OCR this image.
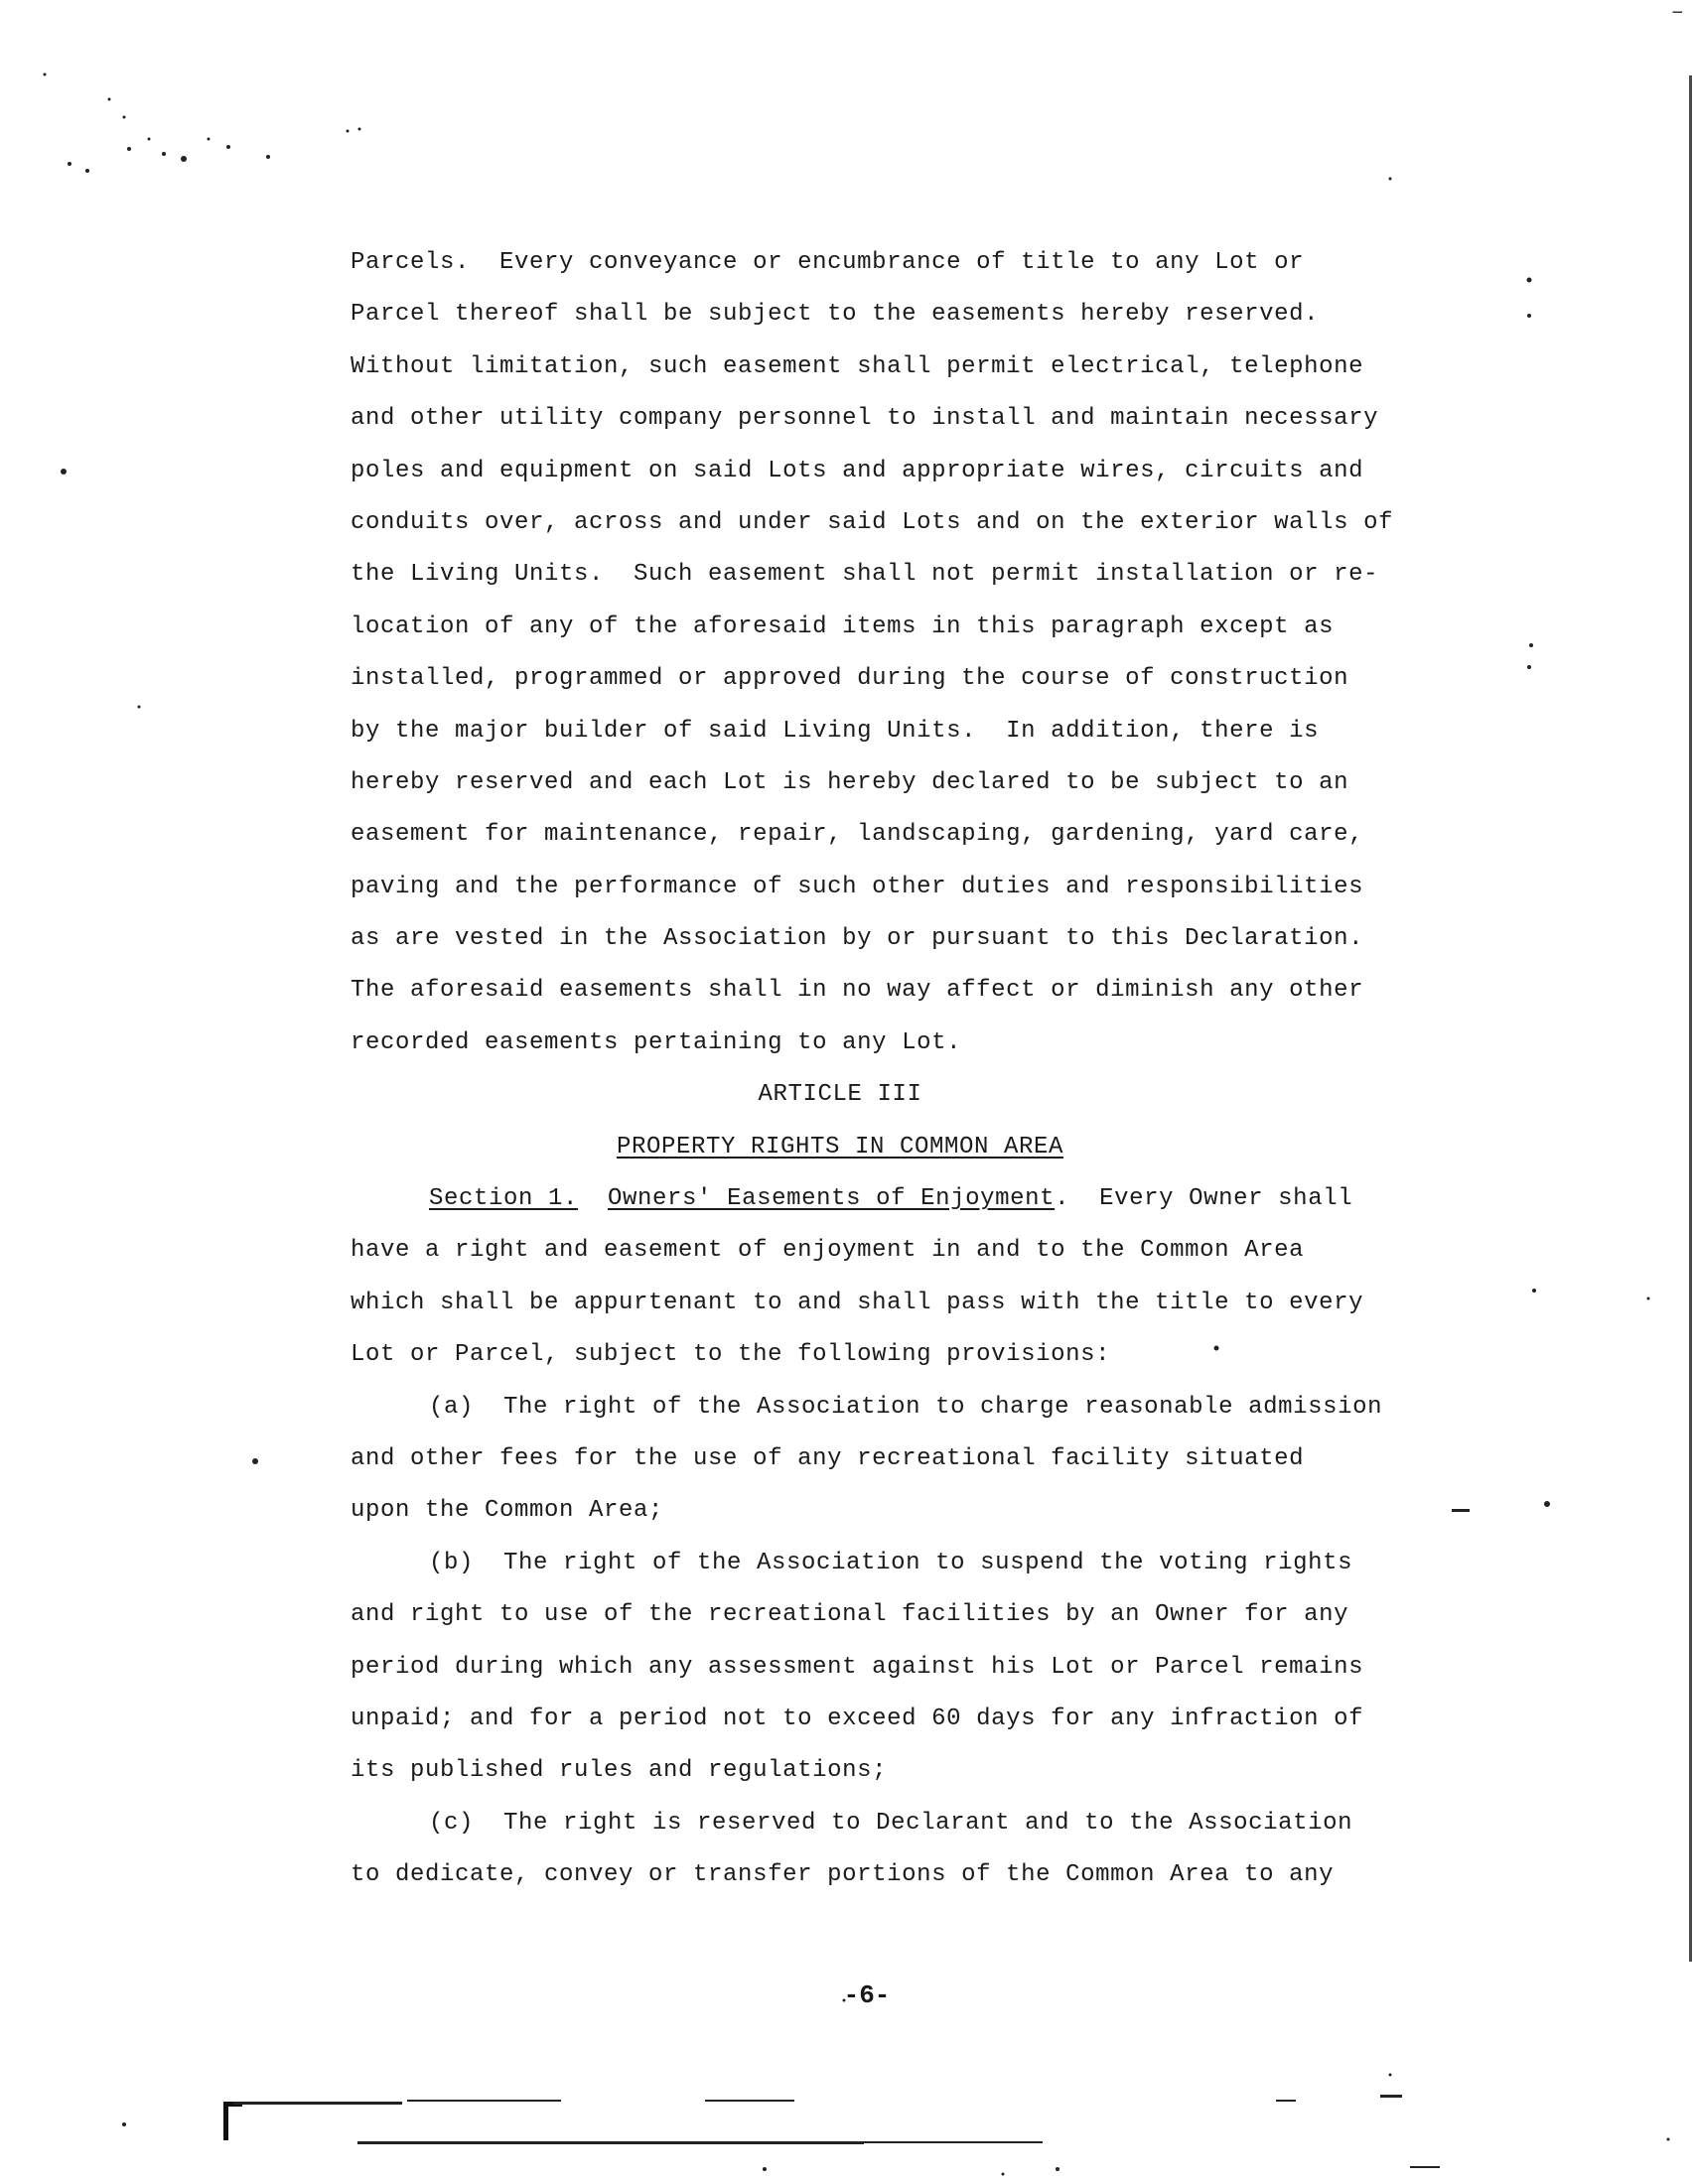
–
Parcels.  Every conveyance or encumbrance of title to any Lot or
Parcel thereof shall be subject to the easements hereby reserved.
Without limitation, such easement shall permit electrical, telephone
and other utility company personnel to install and maintain necessary
poles and equipment on said Lots and appropriate wires, circuits and
conduits over, across and under said Lots and on the exterior walls of
the Living Units.  Such easement shall not permit installation or re-
location of any of the aforesaid items in this paragraph except as
installed, programmed or approved during the course of construction
by the major builder of said Living Units.  In addition, there is
hereby reserved and each Lot is hereby declared to be subject to an
easement for maintenance, repair, landscaping, gardening, yard care,
paving and the performance of such other duties and responsibilities
as are vested in the Association by or pursuant to this Declaration.
The aforesaid easements shall in no way affect or diminish any other
recorded easements pertaining to any Lot.
ARTICLE III
PROPERTY RIGHTS IN COMMON AREA
Section 1. Owners' Easements of Enjoyment. Every Owner shall
have a right and easement of enjoyment in and to the Common Area
which shall be appurtenant to and shall pass with the title to every
Lot or Parcel, subject to the following provisions:
(a)  The right of the Association to charge reasonable admission
and other fees for the use of any recreational facility situated
upon the Common Area;
(b)  The right of the Association to suspend the voting rights
and right to use of the recreational facilities by an Owner for any
period during which any assessment against his Lot or Parcel remains
unpaid; and for a period not to exceed 60 days for any infraction of
its published rules and regulations;
(c)  The right is reserved to Declarant and to the Association
to dedicate, convey or transfer portions of the Common Area to any
-6-
